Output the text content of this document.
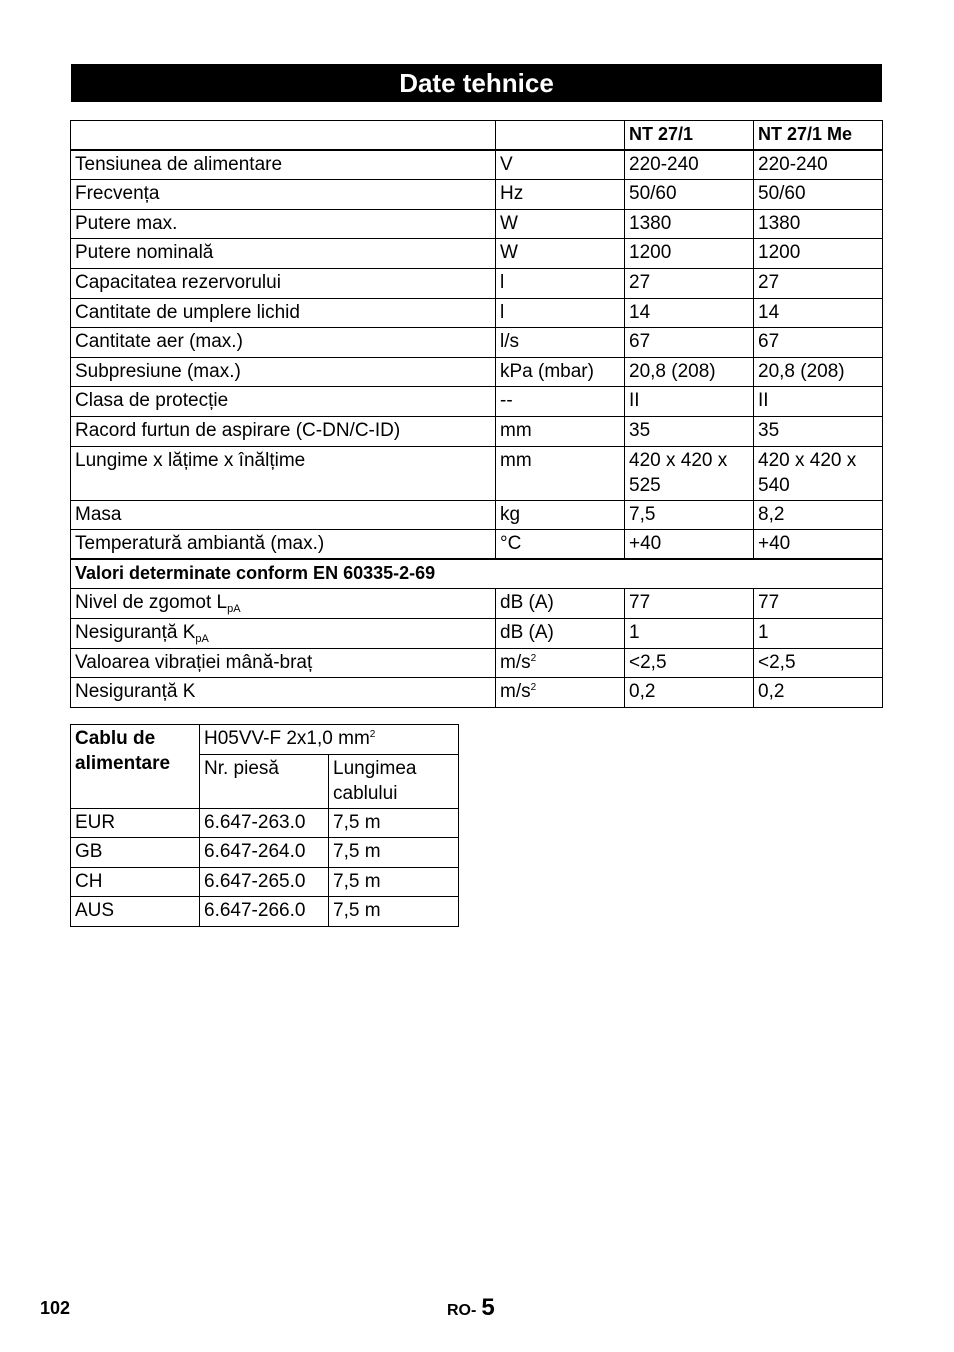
Date tehnice
		NT 27/1	NT 27/1 Me
Tensiunea de alimentare	V	220-240	220-240
Frecvența	Hz	50/60	50/60
Putere max.	W	1380	1380
Putere nominală	W	1200	1200
Capacitatea rezervorului	l	27	27
Cantitate de umplere lichid	l	14	14
Cantitate aer (max.)	l/s	67	67
Subpresiune (max.)	kPa (mbar)	20,8 (208)	20,8 (208)
Clasa de protecție	--	II	II
Racord furtun de aspirare (C-DN/C-ID)	mm	35	35
Lungime x lățime x înălțime	mm	420 x 420 x 525	420 x 420 x 540
Masa	kg	7,5	8,2
Temperatură ambiantă (max.)	°C	+40	+40
Valori determinate conform EN 60335-2-69			
Nivel de zgomot $L_{pA}$	dB (A)	77	77
Nesiguranță $K_{pA}$	dB (A)	1	1
Valoarea vibrației mână-braț	$m/s^2$	<2,5	<2,5
Nesiguranță K	$m/s^2$	0,2	0,2
Cablu de alimentare	H05VV-F 2x1,0 $mm^2$
	Nr. piesă	Lungimea cablului
EUR	6.647-263.0	7,5 m
GB	6.647-264.0	7,5 m
CH	6.647-265.0	7,5 m
AUS	6.647-266.0	7,5 m
102	RO- 5
